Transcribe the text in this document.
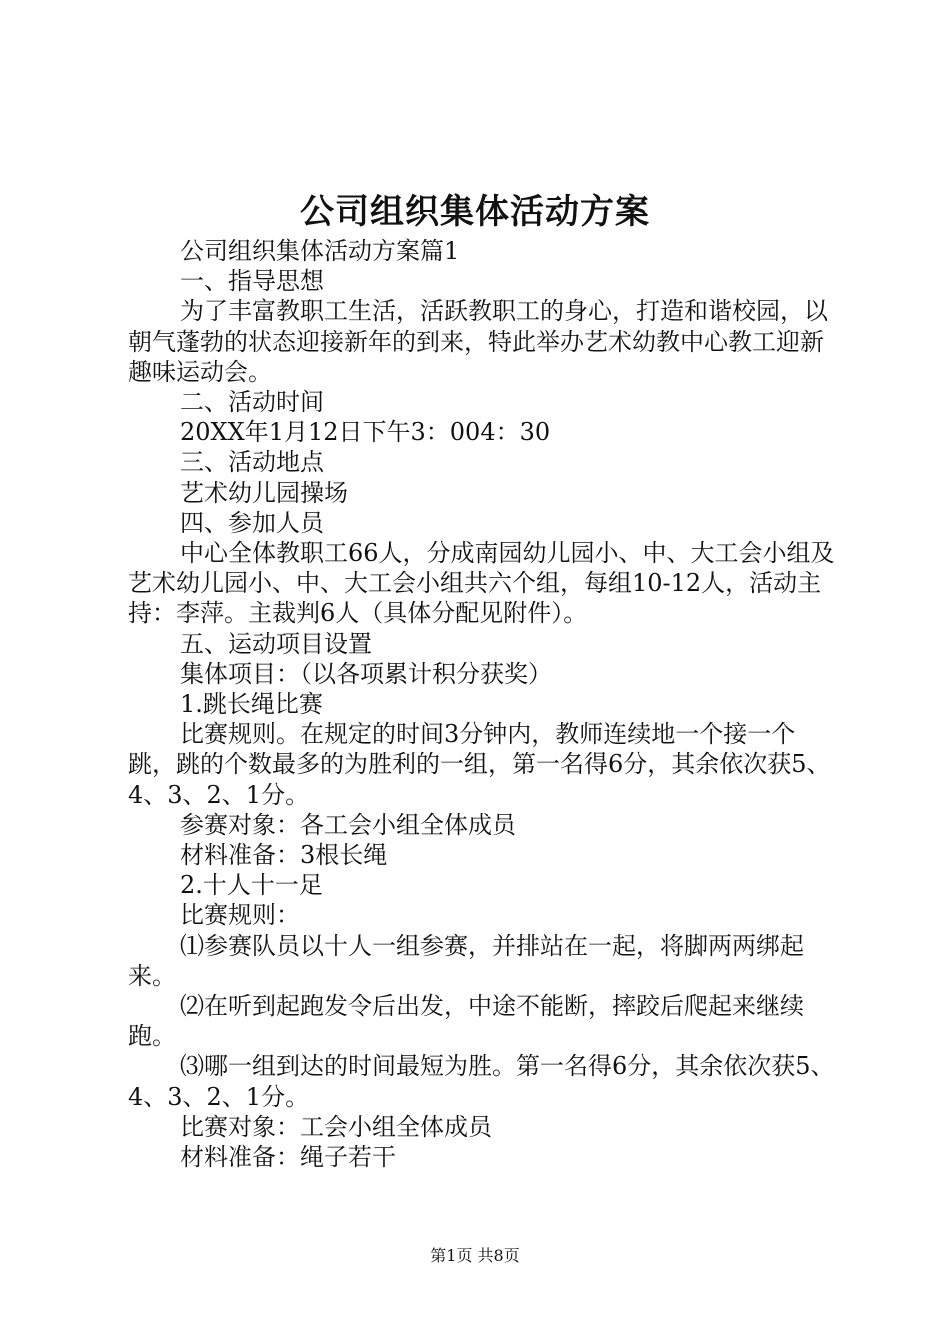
公司组织集体活动方案

公司组织集体活动方案篇1

一、指导思想

为了丰富教职工生活，活跃教职工的身心，打造和谐校园，以朝气蓬勃的状态迎接新年的到来，特此举办艺术幼教中心教工迎新趣味运动会。

二、活动时间

20XX年1月12日下午3：004：30

三、活动地点

艺术幼儿园操场

四、参加人员

中心全体教职工66人，分成南园幼儿园小、中、大工会小组及艺术幼儿园小、中、大工会小组共六个组，每组10-12人，活动主持：李萍。主裁判6人（具体分配见附件）。

五、运动项目设置

集体项目：（以各项累计积分获奖）

1.跳长绳比赛

比赛规则。在规定的时间3分钟内，教师连续地一个接一个跳，跳的个数最多的为胜利的一组，第一名得6分，其余依次获5、4、3、2、1分。

参赛对象：各工会小组全体成员

材料准备：3根长绳

2.十人十一足

比赛规则：

⑴参赛队员以十人一组参赛，并排站在一起，将脚两两绑起来。

⑵在听到起跑发令后出发，中途不能断，摔跤后爬起来继续跑。

⑶哪一组到达的时间最短为胜。第一名得6分，其余依次获5、4、3、2、1分。

比赛对象：工会小组全体成员

材料准备：绳子若干

第1页 共8页
